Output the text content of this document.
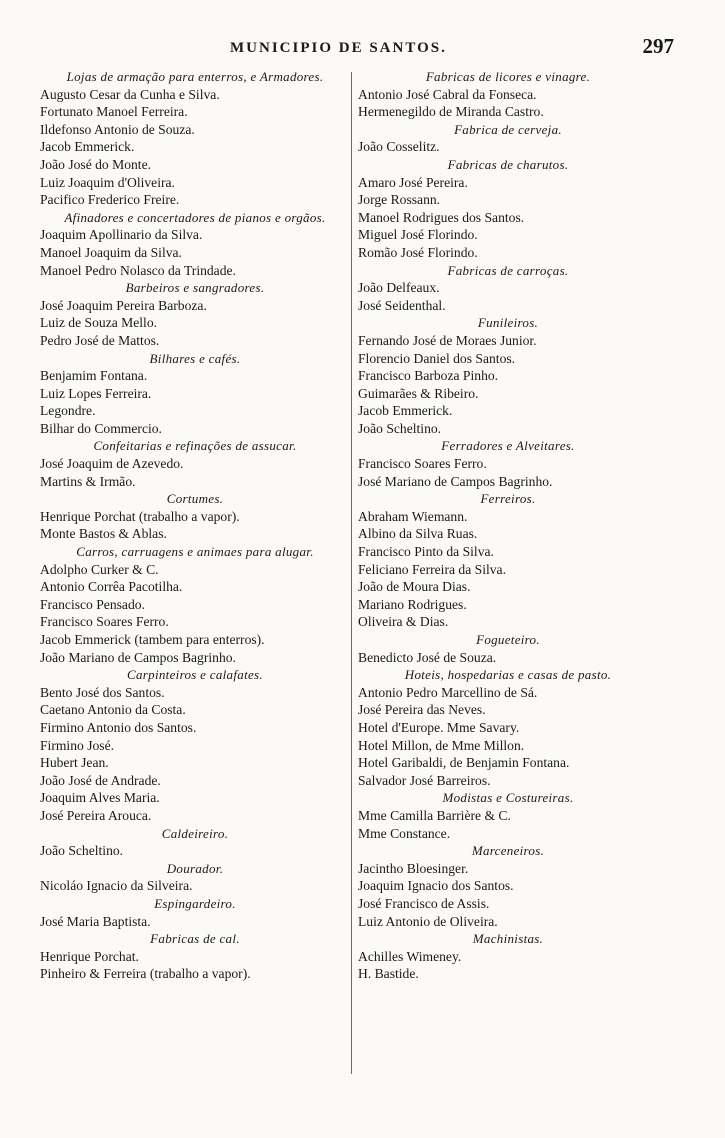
MUNICIPIO DE SANTOS.	297
Lojas de armação para enterros, e Armadores.
Augusto Cesar da Cunha e Silva.
Fortunato Manoel Ferreira.
Ildefonso Antonio de Souza.
Jacob Emmerick.
João José do Monte.
Luiz Joaquim d'Oliveira.
Pacifico Frederico Freire.
Afinadores e concertadores de pianos e orgãos.
Joaquim Apollinario da Silva.
Manoel Joaquim da Silva.
Manoel Pedro Nolasco da Trindade.
Barbeiros e sangradores.
José Joaquim Pereira Barboza.
Luiz de Souza Mello.
Pedro José de Mattos.
Bilhares e cafés.
Benjamim Fontana.
Luiz Lopes Ferreira.
Legondre.
Bilhar do Commercio.
Confeitarias e refinações de assucar.
José Joaquim de Azevedo.
Martins & Irmão.
Cortumes.
Henrique Porchat (trabalho a vapor).
Monte Bastos & Ablas.
Carros, carruagens e animaes para alugar.
Adolpho Curker & C.
Antonio Corrêa Pacotilha.
Francisco Pensado.
Francisco Soares Ferro.
Jacob Emmerick (tambem para enterros).
João Mariano de Campos Bagrinho.
Carpinteiros e calafates.
Bento José dos Santos.
Caetano Antonio da Costa.
Firmino Antonio dos Santos.
Firmino José.
Hubert Jean.
João José de Andrade.
Joaquim Alves Maria.
José Pereira Arouca.
Caldeireiro.
João Scheltino.
Dourador.
Nicoláo Ignacio da Silveira.
Espingardeiro.
José Maria Baptista.
Fabricas de cal.
Henrique Porchat.
Pinheiro & Ferreira (trabalho a vapor).
Fabricas de licores e vinagre.
Antonio José Cabral da Fonseca.
Hermenegildo de Miranda Castro.
Fabrica de cerveja.
João Cosselitz.
Fabricas de charutos.
Amaro José Pereira.
Jorge Rossann.
Manoel Rodrigues dos Santos.
Miguel José Florindo.
Romão José Florindo.
Fabricas de carroças.
João Delfeaux.
José Seidenthal.
Funileiros.
Fernando José de Moraes Junior.
Florencio Daniel dos Santos.
Francisco Barboza Pinho.
Guimarães & Ribeiro.
Jacob Emmerick.
João Scheltino.
Ferradores e Alveitares.
Francisco Soares Ferro.
José Mariano de Campos Bagrinho.
Ferreiros.
Abraham Wiemann.
Albino da Silva Ruas.
Francisco Pinto da Silva.
Feliciano Ferreira da Silva.
João de Moura Dias.
Mariano Rodrigues.
Oliveira & Dias.
Fogueteiro.
Benedicto José de Souza.
Hoteis, hospedarias e casas de pasto.
Antonio Pedro Marcellino de Sá.
José Pereira das Neves.
Hotel d'Europe. Mme Savary.
Hotel Millon, de Mme Millon.
Hotel Garibaldi, de Benjamin Fontana.
Salvador José Barreiros.
Modistas e Costureiras.
Mme Camilla Barrière & C.
Mme Constance.
Marceneiros.
Jacintho Bloesinger.
Joaquim Ignacio dos Santos.
José Francisco de Assis.
Luiz Antonio de Oliveira.
Machinistas.
Achilles Wimeney.
H. Bastide.
